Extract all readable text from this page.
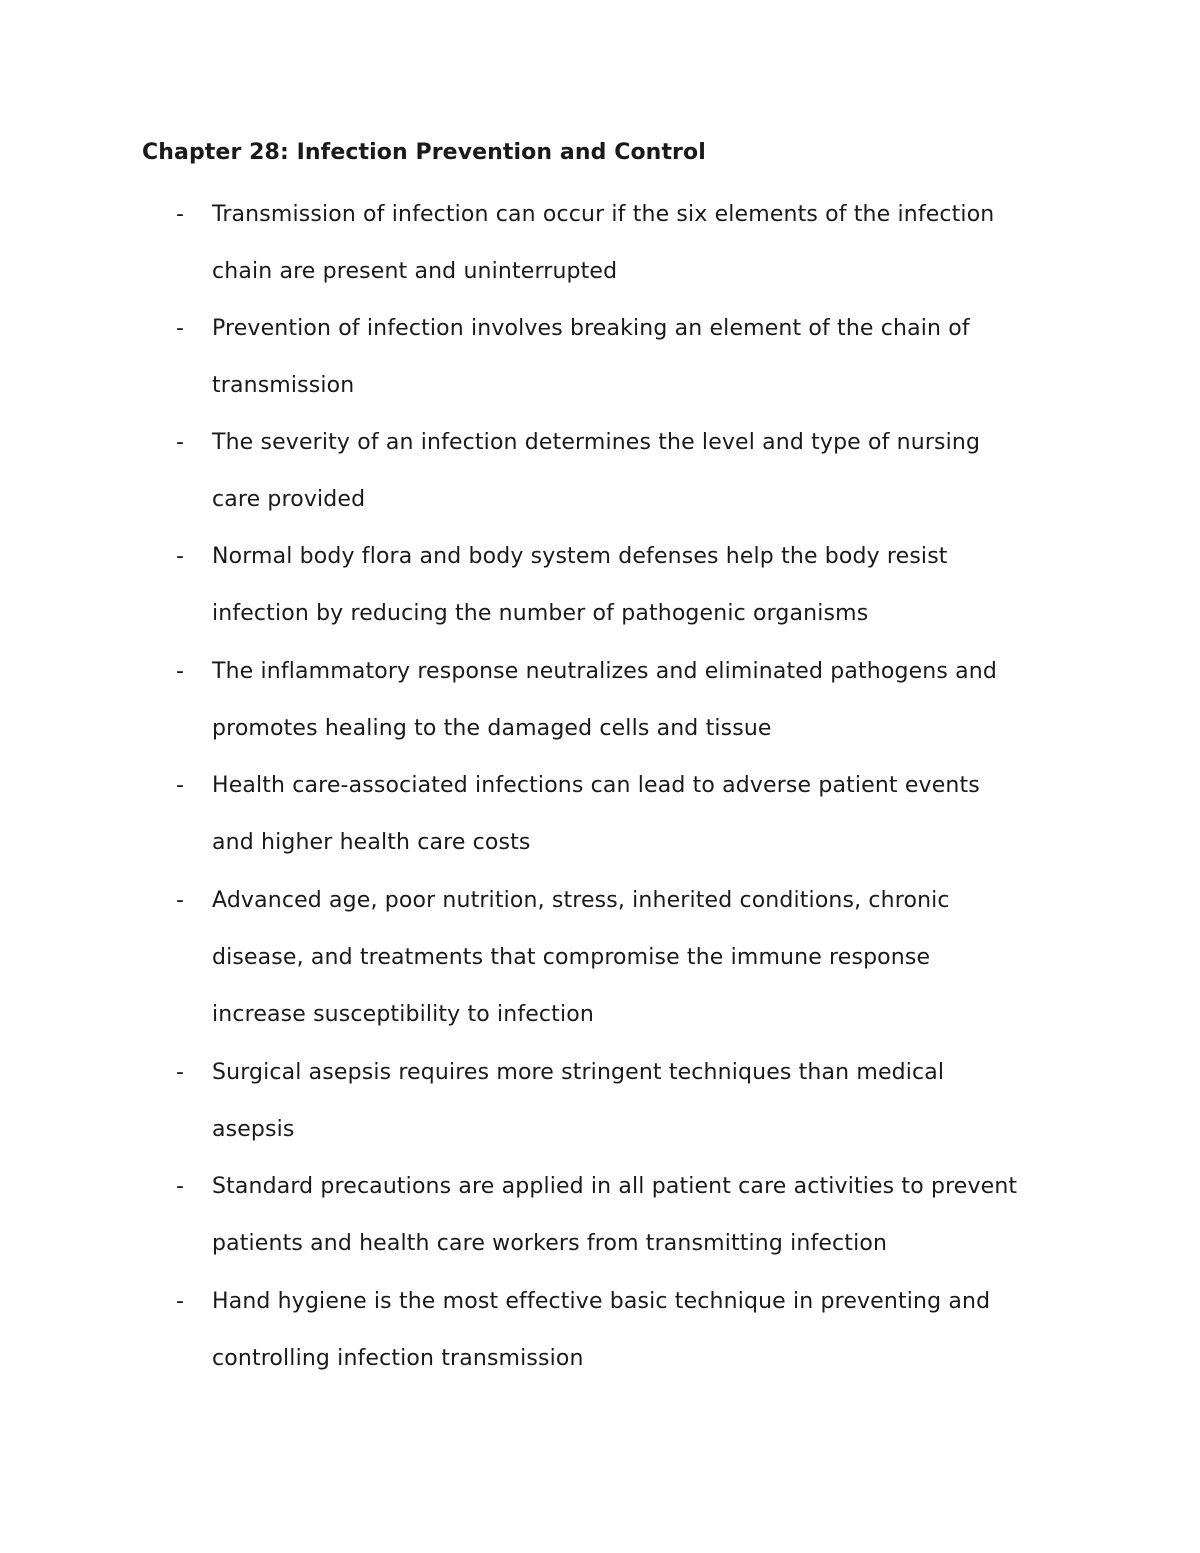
Chapter 28: Infection Prevention and Control
- Transmission of infection can occur if the six elements of the infection
chain are present and uninterrupted
- Prevention of infection involves breaking an element of the chain of
transmission
- The severity of an infection determines the level and type of nursing
care provided
- Normal body flora and body system defenses help the body resist
infection by reducing the number of pathogenic organisms
- The inflammatory response neutralizes and eliminated pathogens and
promotes healing to the damaged cells and tissue
- Health care-associated infections can lead to adverse patient events
and higher health care costs
- Advanced age, poor nutrition, stress, inherited conditions, chronic
disease, and treatments that compromise the immune response
increase susceptibility to infection
- Surgical asepsis requires more stringent techniques than medical
asepsis
- Standard precautions are applied in all patient care activities to prevent
patients and health care workers from transmitting infection
- Hand hygiene is the most effective basic technique in preventing and
controlling infection transmission
